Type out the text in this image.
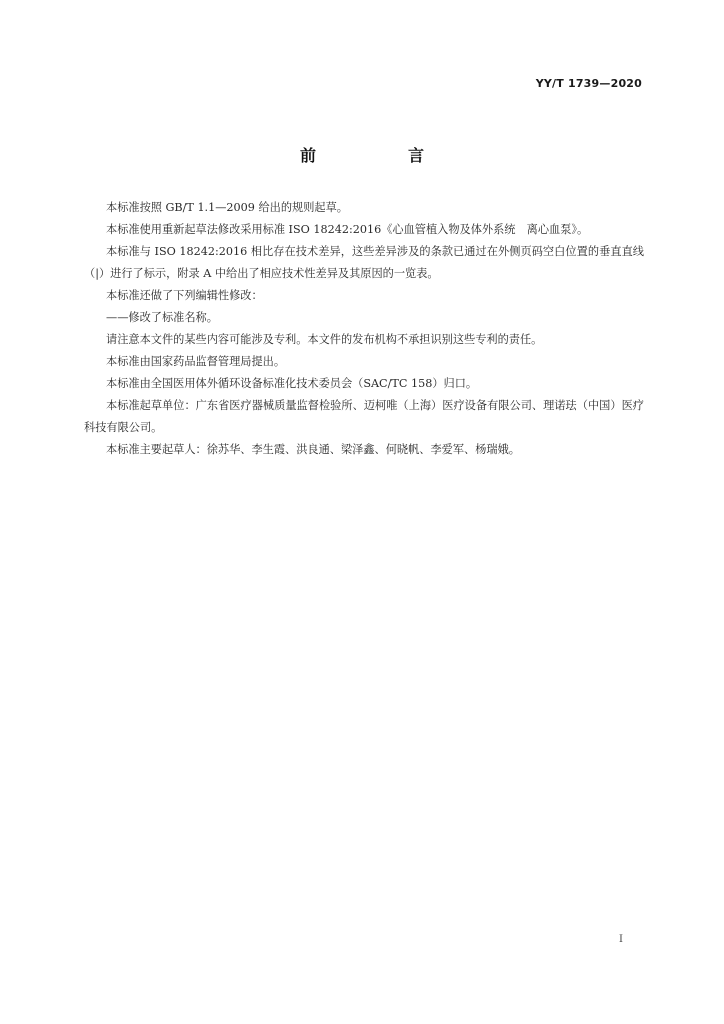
YY/T 1739—2020
前　言

本标准按照 GB/T 1.1—2009 给出的规则起草。

本标准使用重新起草法修改采用标准 ISO 18242:2016《心血管植入物及体外系统　离心血泵》。

本标准与 ISO 18242:2016 相比存在技术差异，这些差异涉及的条款已通过在外侧页码空白位置的垂直直线（|）进行了标示，附录 A 中给出了相应技术性差异及其原因的一览表。

本标准还做了下列编辑性修改：

——修改了标准名称。

请注意本文件的某些内容可能涉及专利。本文件的发布机构不承担识别这些专利的责任。

本标准由国家药品监督管理局提出。

本标准由全国医用体外循环设备标准化技术委员会（SAC/TC 158）归口。

本标准起草单位：广东省医疗器械质量监督检验所、迈柯唯（上海）医疗设备有限公司、理诺珐（中国）医疗科技有限公司。

本标准主要起草人：徐苏华、李生霞、洪良通、梁泽鑫、何晓帆、李爱军、杨瑞娥。

I
